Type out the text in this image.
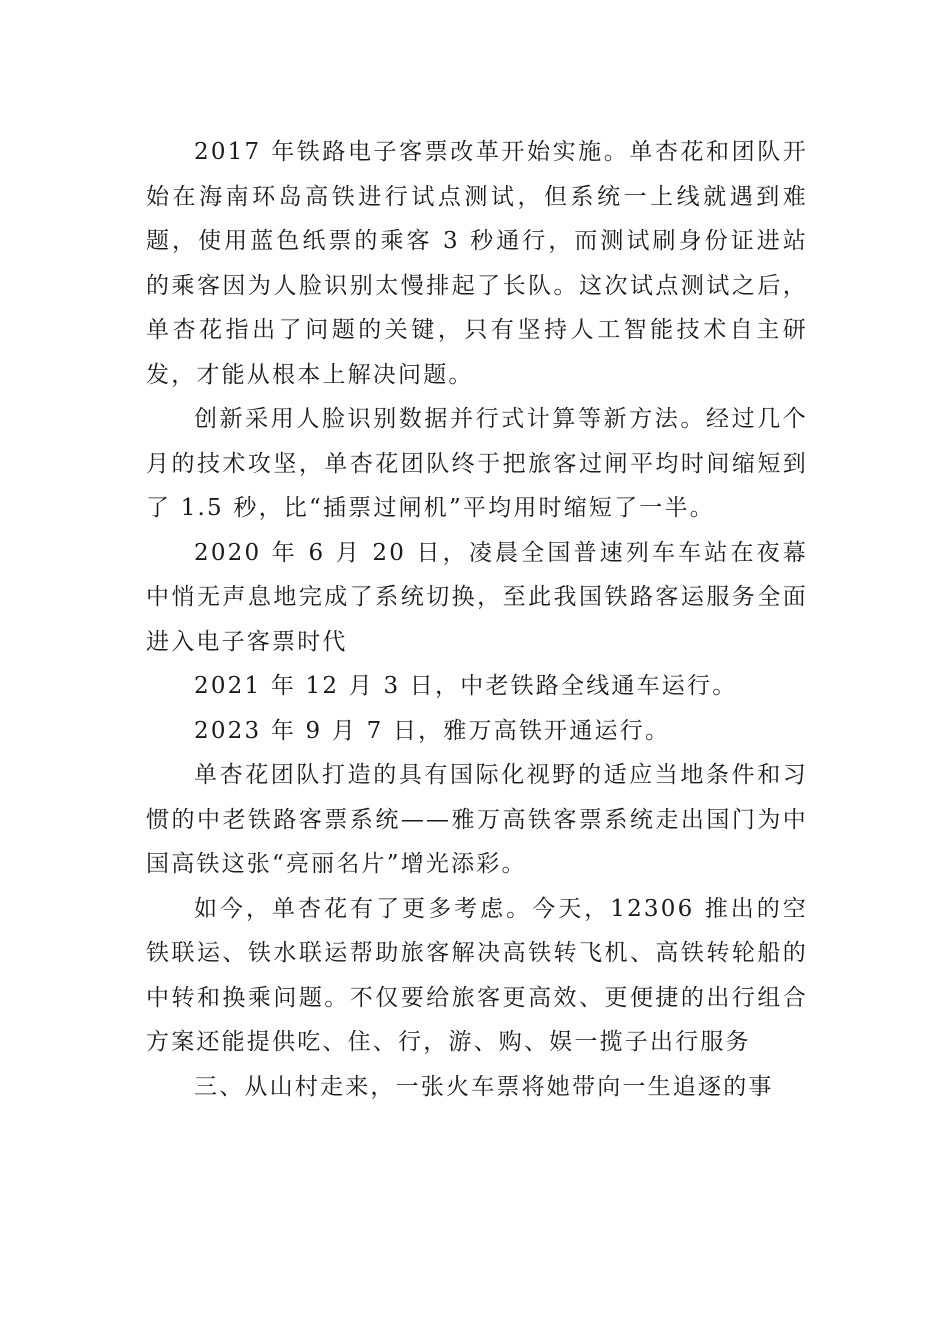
2017 年铁路电子客票改革开始实施。单杏花和团队开始在海南环岛高铁进行试点测试，但系统一上线就遇到难题，使用蓝色纸票的乘客 3 秒通行，而测试刷身份证进站的乘客因为人脸识别太慢排起了长队。这次试点测试之后，单杏花指出了问题的关键，只有坚持人工智能技术自主研发，才能从根本上解决问题。

创新采用人脸识别数据并行式计算等新方法。经过几个月的技术攻坚，单杏花团队终于把旅客过闸平均时间缩短到了 1.5 秒，比“插票过闸机”平均用时缩短了一半。

2020 年 6 月 20 日，凌晨全国普速列车车站在夜幕中悄无声息地完成了系统切换，至此我国铁路客运服务全面进入电子客票时代

2021 年 12 月 3 日，中老铁路全线通车运行。

2023 年 9 月 7 日，雅万高铁开通运行。

单杏花团队打造的具有国际化视野的适应当地条件和习惯的中老铁路客票系统——雅万高铁客票系统走出国门为中国高铁这张“亮丽名片”增光添彩。

如今，单杏花有了更多考虑。今天，12306 推出的空铁联运、铁水联运帮助旅客解决高铁转飞机、高铁转轮船的中转和换乘问题。不仅要给旅客更高效、更便捷的出行组合方案还能提供吃、住、行，游、购、娱一揽子出行服务

三、从山村走来，一张火车票将她带向一生追逐的事
